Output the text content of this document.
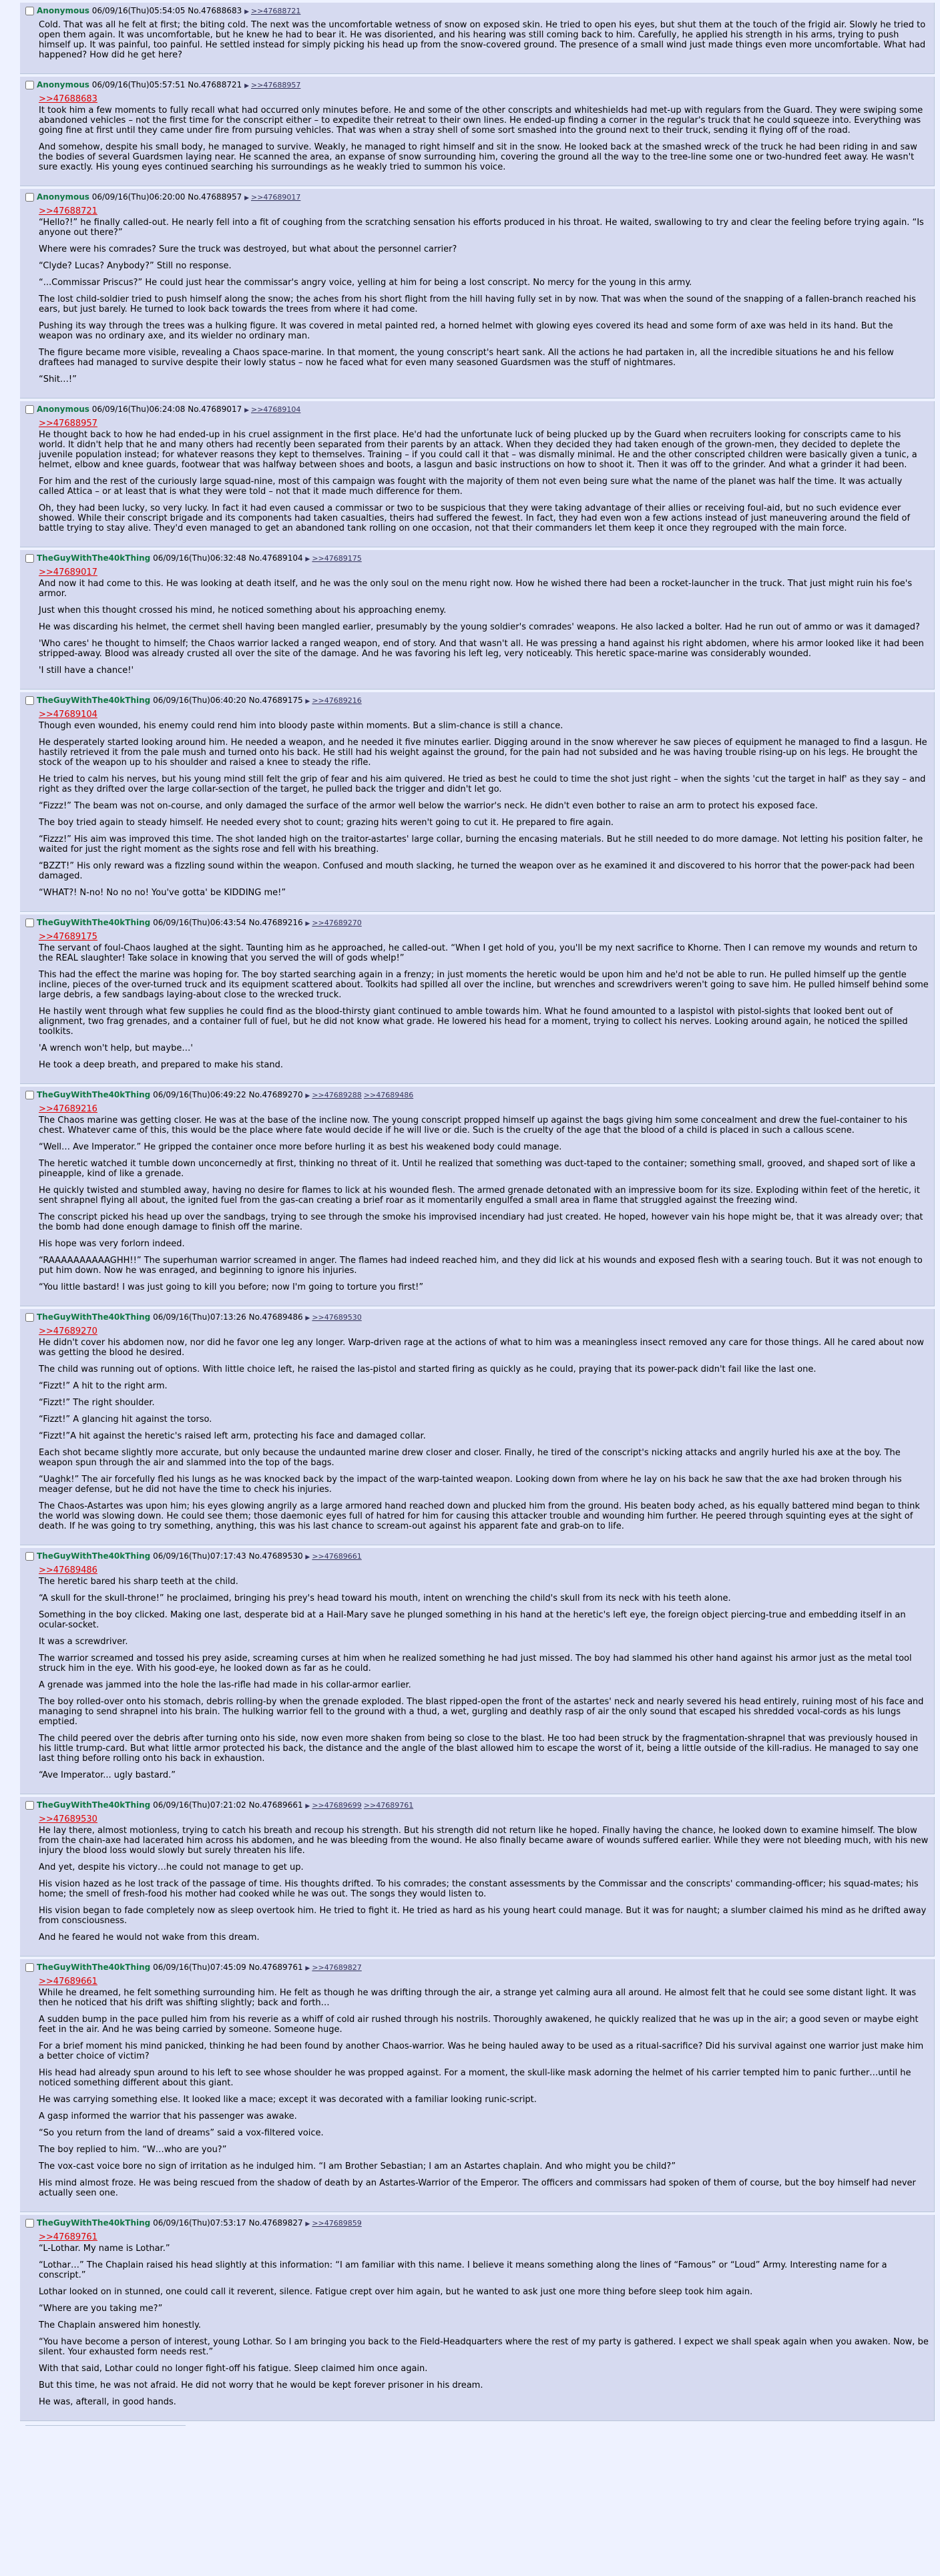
>> Anonymous 06/09/16(Thu)05:54:05 No.47688683 ▶ >>47688721

Cold. That was all he felt at first; the biting cold. The next was the uncomfortable wetness of snow on exposed skin. He tried to open his eyes, but shut them at the touch of the frigid air. Slowly he tried to open them again. It was uncomfortable, but he knew he had to bear it. He was disoriented, and his hearing was still coming back to him. Carefully, he applied his strength in his arms, trying to push himself up. It was painful, too painful. He settled instead for simply picking his head up from the snow-covered ground. The presence of a small wind just made things even more uncomfortable. What had happened? How did he get here?

>> Anonymous 06/09/16(Thu)05:57:51 No.47688721 ▶ >>47688957

>>47688683

It took him a few moments to fully recall what had occurred only minutes before. He and some of the other conscripts and whiteshields had met-up with regulars from the Guard. They were swiping some abandoned vehicles – not the first time for the conscript either – to expedite their retreat to their own lines. He ended-up finding a corner in the regular's truck that he could squeeze into. Everything was going fine at first until they came under fire from pursuing vehicles. That was when a stray shell of some sort smashed into the ground next to their truck, sending it flying off of the road.

And somehow, despite his small body, he managed to survive. Weakly, he managed to right himself and sit in the snow. He looked back at the smashed wreck of the truck he had been riding in and saw the bodies of several Guardsmen laying near. He scanned the area, an expanse of snow surrounding him, covering the ground all the way to the tree-line some one or two-hundred feet away. He wasn't sure exactly. His young eyes continued searching his surroundings as he weakly tried to summon his voice.

>> Anonymous 06/09/16(Thu)06:20:00 No.47688957 ▶ >>47689017

>>47688721

“Hello?!” he finally called-out. He nearly fell into a fit of coughing from the scratching sensation his efforts produced in his throat. He waited, swallowing to try and clear the feeling before trying again. “Is anyone out there?”

Where were his comrades? Sure the truck was destroyed, but what about the personnel carrier?

“Clyde? Lucas? Anybody?” Still no response.

“...Commissar Priscus?” He could just hear the commissar's angry voice, yelling at him for being a lost conscript. No mercy for the young in this army.

The lost child-soldier tried to push himself along the snow; the aches from his short flight from the hill having fully set in by now. That was when the sound of the snapping of a fallen-branch reached his ears, but just barely. He turned to look back towards the trees from where it had come.

Pushing its way through the trees was a hulking figure. It was covered in metal painted red, a horned helmet with glowing eyes covered its head and some form of axe was held in its hand. But the weapon was no ordinary axe, and its wielder no ordinary man.

The figure became more visible, revealing a Chaos space-marine. In that moment, the young conscript's heart sank. All the actions he had partaken in, all the incredible situations he and his fellow draftees had managed to survive despite their lowly status – now he faced what for even many seasoned Guardsmen was the stuff of nightmares.

“Shit…!”

>> Anonymous 06/09/16(Thu)06:24:08 No.47689017 ▶ >>47689104

>>47688957

He thought back to how he had ended-up in his cruel assignment in the first place. He'd had the unfortunate luck of being plucked up by the Guard when recruiters looking for conscripts came to his world. It didn't help that he and many others had recently been separated from their parents by an attack. When they decided they had taken enough of the grown-men, they decided to deplete the juvenile population instead; for whatever reasons they kept to themselves. Training – if you could call it that – was dismally minimal. He and the other conscripted children were basically given a tunic, a helmet, elbow and knee guards, footwear that was halfway between shoes and boots, a lasgun and basic instructions on how to shoot it. Then it was off to the grinder. And what a grinder it had been.

For him and the rest of the curiously large squad-nine, most of this campaign was fought with the majority of them not even being sure what the name of the planet was half the time. It was actually called Attica – or at least that is what they were told – not that it made much difference for them.

Oh, they had been lucky, so very lucky. In fact it had even caused a commissar or two to be suspicious that they were taking advantage of their allies or receiving foul-aid, but no such evidence ever showed. While their conscript brigade and its components had taken casualties, theirs had suffered the fewest. In fact, they had even won a few actions instead of just maneuvering around the field of battle trying to stay alive. They'd even managed to get an abandoned tank rolling on one occasion, not that their commanders let them keep it once they regrouped with the main force.

>> TheGuyWithThe40kThing 06/09/16(Thu)06:32:48 No.47689104 ▶ >>47689175

>>47689017

And now it had come to this. He was looking at death itself, and he was the only soul on the menu right now. How he wished there had been a rocket-launcher in the truck. That just might ruin his foe's armor.

Just when this thought crossed his mind, he noticed something about his approaching enemy.

He was discarding his helmet, the cermet shell having been mangled earlier, presumably by the young soldier's comrades' weapons. He also lacked a bolter. Had he run out of ammo or was it damaged?

'Who cares' he thought to himself; the Chaos warrior lacked a ranged weapon, end of story. And that wasn't all. He was pressing a hand against his right abdomen, where his armor looked like it had been stripped-away. Blood was already crusted all over the site of the damage. And he was favoring his left leg, very noticeably. This heretic space-marine was considerably wounded.

'I still have a chance!'

>> TheGuyWithThe40kThing 06/09/16(Thu)06:40:20 No.47689175 ▶ >>47689216

>>47689104

Though even wounded, his enemy could rend him into bloody paste within moments. But a slim-chance is still a chance.

He desperately started looking around him. He needed a weapon, and he needed it five minutes earlier. Digging around in the snow wherever he saw pieces of equipment he managed to find a lasgun. He hastily retrieved it from the pale mush and turned onto his back. He still had his weight against the ground, for the pain had not subsided and he was having trouble rising-up on his legs. He brought the stock of the weapon up to his shoulder and raised a knee to steady the rifle.

He tried to calm his nerves, but his young mind still felt the grip of fear and his aim quivered. He tried as best he could to time the shot just right – when the sights 'cut the target in half' as they say – and right as they drifted over the large collar-section of the target, he pulled back the trigger and didn't let go.

“Fizzz!” The beam was not on-course, and only damaged the surface of the armor well below the warrior's neck. He didn't even bother to raise an arm to protect his exposed face.

The boy tried again to steady himself. He needed every shot to count; grazing hits weren't going to cut it. He prepared to fire again.

“Fizzz!” His aim was improved this time. The shot landed high on the traitor-astartes' large collar, burning the encasing materials. But he still needed to do more damage. Not letting his position falter, he waited for just the right moment as the sights rose and fell with his breathing.

“BZZT!” His only reward was a fizzling sound within the weapon. Confused and mouth slacking, he turned the weapon over as he examined it and discovered to his horror that the power-pack had been damaged.

“WHAT?! N-no! No no no! You've gotta' be KIDDING me!”

>> TheGuyWithThe40kThing 06/09/16(Thu)06:43:54 No.47689216 ▶ >>47689270

>>47689175

The servant of foul-Chaos laughed at the sight. Taunting him as he approached, he called-out. “When I get hold of you, you'll be my next sacrifice to Khorne. Then I can remove my wounds and return to the REAL slaughter! Take solace in knowing that you served the will of gods whelp!”

This had the effect the marine was hoping for. The boy started searching again in a frenzy; in just moments the heretic would be upon him and he'd not be able to run. He pulled himself up the gentle incline, pieces of the over-turned truck and its equipment scattered about. Toolkits had spilled all over the incline, but wrenches and screwdrivers weren't going to save him. He pulled himself behind some large debris, a few sandbags laying-about close to the wrecked truck.

He hastily went through what few supplies he could find as the blood-thirsty giant continued to amble towards him. What he found amounted to a laspistol with pistol-sights that looked bent out of alignment, two frag grenades, and a container full of fuel, but he did not know what grade. He lowered his head for a moment, trying to collect his nerves. Looking around again, he noticed the spilled toolkits.

'A wrench won't help, but maybe…'

He took a deep breath, and prepared to make his stand.

>> TheGuyWithThe40kThing 06/09/16(Thu)06:49:22 No.47689270 ▶ >>47689288 >>47689486

>>47689216

The Chaos marine was getting closer. He was at the base of the incline now. The young conscript propped himself up against the bags giving him some concealment and drew the fuel-container to his chest. Whatever came of this, this would be the place where fate would decide if he will live or die. Such is the cruelty of the age that the blood of a child is placed in such a callous scene.

“Well… Ave Imperator.” He gripped the container once more before hurling it as best his weakened body could manage.

The heretic watched it tumble down unconcernedly at first, thinking no threat of it. Until he realized that something was duct-taped to the container; something small, grooved, and shaped sort of like a pineapple, kind of like a grenade.

He quickly twisted and stumbled away, having no desire for flames to lick at his wounded flesh. The armed grenade detonated with an impressive boom for its size. Exploding within feet of the heretic, it sent shrapnel flying all about, the ignited fuel from the gas-can creating a brief roar as it momentarily engulfed a small area in flame that struggled against the freezing wind.

The conscript picked his head up over the sandbags, trying to see through the smoke his improvised incendiary had just created. He hoped, however vain his hope might be, that it was already over; that the bomb had done enough damage to finish off the marine.

His hope was very forlorn indeed.

“RAAAAAAAAAAGHH!!” The superhuman warrior screamed in anger. The flames had indeed reached him, and they did lick at his wounds and exposed flesh with a searing touch. But it was not enough to put him down. Now he was enraged, and beginning to ignore his injuries.

“You little bastard! I was just going to kill you before; now I'm going to torture you first!”

>> TheGuyWithThe40kThing 06/09/16(Thu)07:13:26 No.47689486 ▶ >>47689530

>>47689270

He didn't cover his abdomen now, nor did he favor one leg any longer. Warp-driven rage at the actions of what to him was a meaningless insect removed any care for those things. All he cared about now was getting the blood he desired.

The child was running out of options. With little choice left, he raised the las-pistol and started firing as quickly as he could, praying that its power-pack didn't fail like the last one.

“Fizzt!” A hit to the right arm.

“Fizzt!” The right shoulder.

“Fizzt!” A glancing hit against the torso.

“Fizzt!”A hit against the heretic's raised left arm, protecting his face and damaged collar.

Each shot became slightly more accurate, but only because the undaunted marine drew closer and closer. Finally, he tired of the conscript's nicking attacks and angrily hurled his axe at the boy. The weapon spun through the air and slammed into the top of the bags.

“Uaghk!” The air forcefully fled his lungs as he was knocked back by the impact of the warp-tainted weapon. Looking down from where he lay on his back he saw that the axe had broken through his meager defense, but he did not have the time to check his injuries.

The Chaos-Astartes was upon him; his eyes glowing angrily as a large armored hand reached down and plucked him from the ground. His beaten body ached, as his equally battered mind began to think the world was slowing down. He could see them; those daemonic eyes full of hatred for him for causing this attacker trouble and wounding him further. He peered through squinting eyes at the sight of death. If he was going to try something, anything, this was his last chance to scream-out against his apparent fate and grab-on to life.

>> TheGuyWithThe40kThing 06/09/16(Thu)07:17:43 No.47689530 ▶ >>47689661

>>47689486

The heretic bared his sharp teeth at the child.

“A skull for the skull-throne!” he proclaimed, bringing his prey's head toward his mouth, intent on wrenching the child's skull from its neck with his teeth alone.

Something in the boy clicked. Making one last, desperate bid at a Hail-Mary save he plunged something in his hand at the heretic's left eye, the foreign object piercing-true and embedding itself in an ocular-socket.

It was a screwdriver.

The warrior screamed and tossed his prey aside, screaming curses at him when he realized something he had just missed. The boy had slammed his other hand against his armor just as the metal tool struck him in the eye. With his good-eye, he looked down as far as he could.

A grenade was jammed into the hole the las-rifle had made in his collar-armor earlier.

The boy rolled-over onto his stomach, debris rolling-by when the grenade exploded. The blast ripped-open the front of the astartes' neck and nearly severed his head entirely, ruining most of his face and managing to send shrapnel into his brain. The hulking warrior fell to the ground with a thud, a wet, gurgling and deathly rasp of air the only sound that escaped his shredded vocal-cords as his lungs emptied.

The child peered over the debris after turning onto his side, now even more shaken from being so close to the blast. He too had been struck by the fragmentation-shrapnel that was previously housed in his little trump-card. But what little armor protected his back, the distance and the angle of the blast allowed him to escape the worst of it, being a little outside of the kill-radius. He managed to say one last thing before rolling onto his back in exhaustion.

“Ave Imperator... ugly bastard.”

>> TheGuyWithThe40kThing 06/09/16(Thu)07:21:02 No.47689661 ▶ >>47689699 >>47689761

>>47689530

He lay there, almost motionless, trying to catch his breath and recoup his strength. But his strength did not return like he hoped. Finally having the chance, he looked down to examine himself. The blow from the chain-axe had lacerated him across his abdomen, and he was bleeding from the wound. He also finally became aware of wounds suffered earlier. While they were not bleeding much, with his new injury the blood loss would slowly but surely threaten his life.

And yet, despite his victory…he could not manage to get up.

His vision hazed as he lost track of the passage of time. His thoughts drifted. To his comrades; the constant assessments by the Commissar and the conscripts' commanding-officer; his squad-mates; his home; the smell of fresh-food his mother had cooked while he was out. The songs they would listen to.

His vision began to fade completely now as sleep overtook him. He tried to fight it. He tried as hard as his young heart could manage. But it was for naught; a slumber claimed his mind as he drifted away from consciousness.

And he feared he would not wake from this dream.

>> TheGuyWithThe40kThing 06/09/16(Thu)07:45:09 No.47689761 ▶ >>47689827

>>47689661

While he dreamed, he felt something surrounding him. He felt as though he was drifting through the air, a strange yet calming aura all around. He almost felt that he could see some distant light. It was then he noticed that his drift was shifting slightly; back and forth…

A sudden bump in the pace pulled him from his reverie as a whiff of cold air rushed through his nostrils. Thoroughly awakened, he quickly realized that he was up in the air; a good seven or maybe eight feet in the air. And he was being carried by someone. Someone huge.

For a brief moment his mind panicked, thinking he had been found by another Chaos-warrior. Was he being hauled away to be used as a ritual-sacrifice? Did his survival against one warrior just make him a better choice of victim?

His head had already spun around to his left to see whose shoulder he was propped against. For a moment, the skull-like mask adorning the helmet of his carrier tempted him to panic further…until he noticed something different about this giant.

He was carrying something else. It looked like a mace; except it was decorated with a familiar looking runic-script.

A gasp informed the warrior that his passenger was awake.

“So you return from the land of dreams” said a vox-filtered voice.

The boy replied to him. “W…who are you?”

The vox-cast voice bore no sign of irritation as he indulged him. “I am Brother Sebastian; I am an Astartes chaplain. And who might you be child?”

His mind almost froze. He was being rescued from the shadow of death by an Astartes-Warrior of the Emperor. The officers and commissars had spoken of them of course, but the boy himself had never actually seen one.

>> TheGuyWithThe40kThing 06/09/16(Thu)07:53:17 No.47689827 ▶ >>47689859

>>47689761

“L-Lothar. My name is Lothar.”

“Lothar…” The Chaplain raised his head slightly at this information: “I am familiar with this name. I believe it means something along the lines of “Famous” or “Loud” Army. Interesting name for a conscript.”

Lothar looked on in stunned, one could call it reverent, silence. Fatigue crept over him again, but he wanted to ask just one more thing before sleep took him again.

“Where are you taking me?”

The Chaplain answered him honestly.

“You have become a person of interest, young Lothar. So I am bringing you back to the Field-Headquarters where the rest of my party is gathered. I expect we shall speak again when you awaken. Now, be silent. Your exhausted form needs rest.”

With that said, Lothar could no longer fight-off his fatigue. Sleep claimed him once again.

But this time, he was not afraid. He did not worry that he would be kept forever prisoner in his dream.

He was, afterall, in good hands.
